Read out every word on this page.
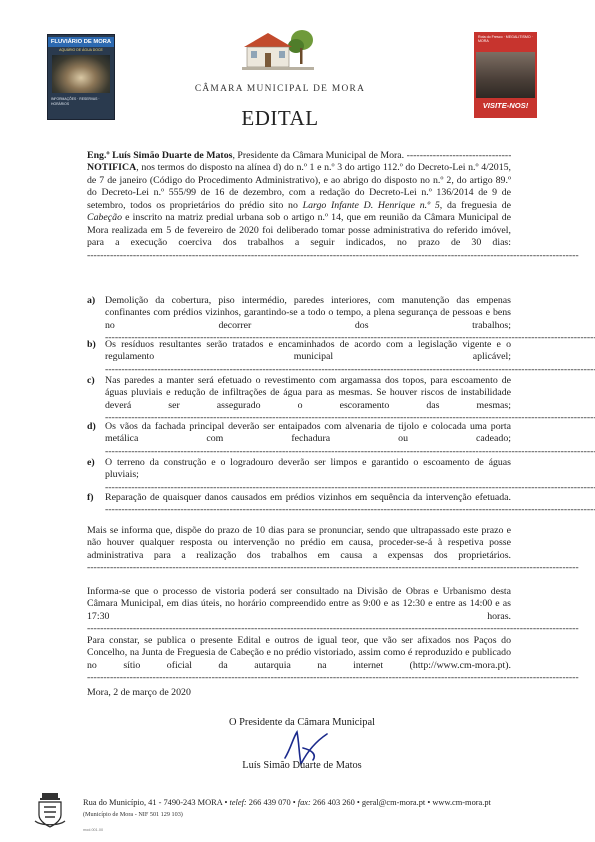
FLUVIÁRIO DE MORA
AQUÁRIO DE ÁGUA DOCE
INFORMAÇÕES · RESERVAS · HORÁRIOS
CÂMARA MUNICIPAL DE MORA
EDITAL
Rota do Fresco · MEGALITISMO · MORA
VISITE-NOS!
Eng.º Luís Simão Duarte de Matos, Presidente da Câmara Municipal de Mora. -----
NOTIFICA, nos termos do disposto na alínea d) do n.º 1 e n.º 3 do artigo 112.º do Decreto-Lei n.º 4/2015, de 7 de janeiro (Código do Procedimento Administrativo), e ao abrigo do disposto no n.º 2, do artigo 89.º do Decreto-Lei n.º 555/99 de 16 de dezembro, com a redação do Decreto-Lei n.º 136/2014 de 9 de setembro, todos os proprietários do prédio sito no Largo Infante D. Henrique n.º 5, da freguesia de Cabeção e inscrito na matriz predial urbana sob o artigo n.º 14, que em reunião da Câmara Municipal de Mora realizada em 5 de fevereiro de 2020 foi deliberado tomar posse administrativa do referido imóvel, para a execução coerciva dos trabalhos a seguir indicados, no prazo de 30 dias: -----
a) Demolição da cobertura, piso intermédio, paredes interiores, com manutenção das empenas confinantes com prédios vizinhos, garantindo-se a todo o tempo, a plena segurança de pessoas e bens no decorrer dos trabalhos; -----
b) Os resíduos resultantes serão tratados e encaminhados de acordo com a legislação vigente e o regulamento municipal aplicável; -----
c) Nas paredes a manter será efetuado o revestimento com argamassa dos topos, para escoamento de águas pluviais e redução de infiltrações de água para as mesmas. Se houver riscos de instabilidade deverá ser assegurado o escoramento das mesmas; -----
d) Os vãos da fachada principal deverão ser entaipados com alvenaria de tijolo e colocada uma porta metálica com fechadura ou cadeado; -----
e) O terreno da construção e o logradouro deverão ser limpos e garantido o escoamento de águas pluviais; -----
f) Reparação de quaisquer danos causados em prédios vizinhos em sequência da intervenção efetuada. -----
Mais se informa que, dispõe do prazo de 10 dias para se pronunciar, sendo que ultrapassado este prazo e não houver qualquer resposta ou intervenção no prédio em causa, proceder-se-á à respetiva posse administrativa para a realização dos trabalhos em causa a expensas dos proprietários. -----
Informa-se que o processo de vistoria poderá ser consultado na Divisão de Obras e Urbanismo desta Câmara Municipal, em dias úteis, no horário compreendido entre as 9:00 e as 12:30 e entre as 14:00 e as 17:30 horas. -----
Para constar, se publica o presente Edital e outros de igual teor, que vão ser afixados nos Paços do Concelho, na Junta de Freguesia de Cabeção e no prédio vistoriado, assim como é reproduzido e publicado no sítio oficial da autarquia na internet (http://www.cm-mora.pt). -----
Mora, 2 de março de 2020
O Presidente da Câmara Municipal
Luís Simão Duarte de Matos
Rua do Município, 41 - 7490-243 MORA • telef: 266 439 070 • fax: 266 403 260 • geral@cm-mora.pt • www.cm-mora.pt
(Município de Mora - NIF 501 129 103)
mod.001.00
